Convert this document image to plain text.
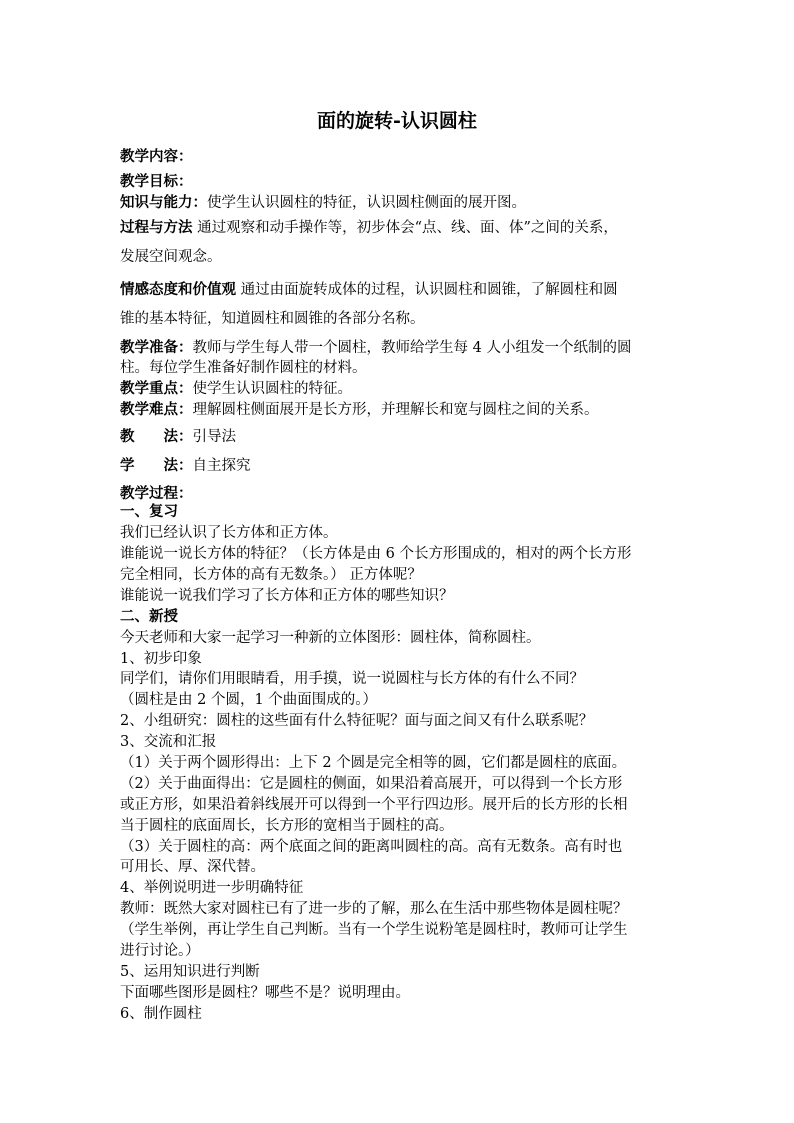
面的旋转-认识圆柱
教学内容：
教学目标：
知识与能力：使学生认识圆柱的特征，认识圆柱侧面的展开图。
过程与方法 通过观察和动手操作等，初步体会“点、线、面、体”之间的关系，
发展空间观念。
情感态度和价值观 通过由面旋转成体的过程，认识圆柱和圆锥，了解圆柱和圆
锥的基本特征，知道圆柱和圆锥的各部分名称。
教学准备：教师与学生每人带一个圆柱，教师给学生每 4 人小组发一个纸制的圆
柱。每位学生准备好制作圆柱的材料。
教学重点：使学生认识圆柱的特征。
教学难点：理解圆柱侧面展开是长方形，并理解长和宽与圆柱之间的关系。
教　　法：引导法
学　　法：自主探究
教学过程：
一、复习
我们已经认识了长方体和正方体。
谁能说一说长方体的特征？（长方体是由 6 个长方形围成的，相对的两个长方形
完全相同，长方体的高有无数条。） 正方体呢？
谁能说一说我们学习了长方体和正方体的哪些知识？
二、新授
今天老师和大家一起学习一种新的立体图形：圆柱体，简称圆柱。
1、初步印象
同学们，请你们用眼睛看，用手摸，说一说圆柱与长方体的有什么不同？
（圆柱是由 2 个圆，1 个曲面围成的。）
2、小组研究：圆柱的这些面有什么特征呢？面与面之间又有什么联系呢？
3、交流和汇报
（1）关于两个圆形得出：上下 2 个圆是完全相等的圆，它们都是圆柱的底面。
（2）关于曲面得出：它是圆柱的侧面，如果沿着高展开，可以得到一个长方形
或正方形，如果沿着斜线展开可以得到一个平行四边形。展开后的长方形的长相
当于圆柱的底面周长，长方形的宽相当于圆柱的高。
（3）关于圆柱的高：两个底面之间的距离叫圆柱的高。高有无数条。高有时也
可用长、厚、深代替。
4、举例说明进一步明确特征
教师：既然大家对圆柱已有了进一步的了解，那么在生活中那些物体是圆柱呢？
（学生举例，再让学生自己判断。当有一个学生说粉笔是圆柱时，教师可让学生
进行讨论。）
5、运用知识进行判断
下面哪些图形是圆柱？哪些不是？说明理由。
6、制作圆柱
